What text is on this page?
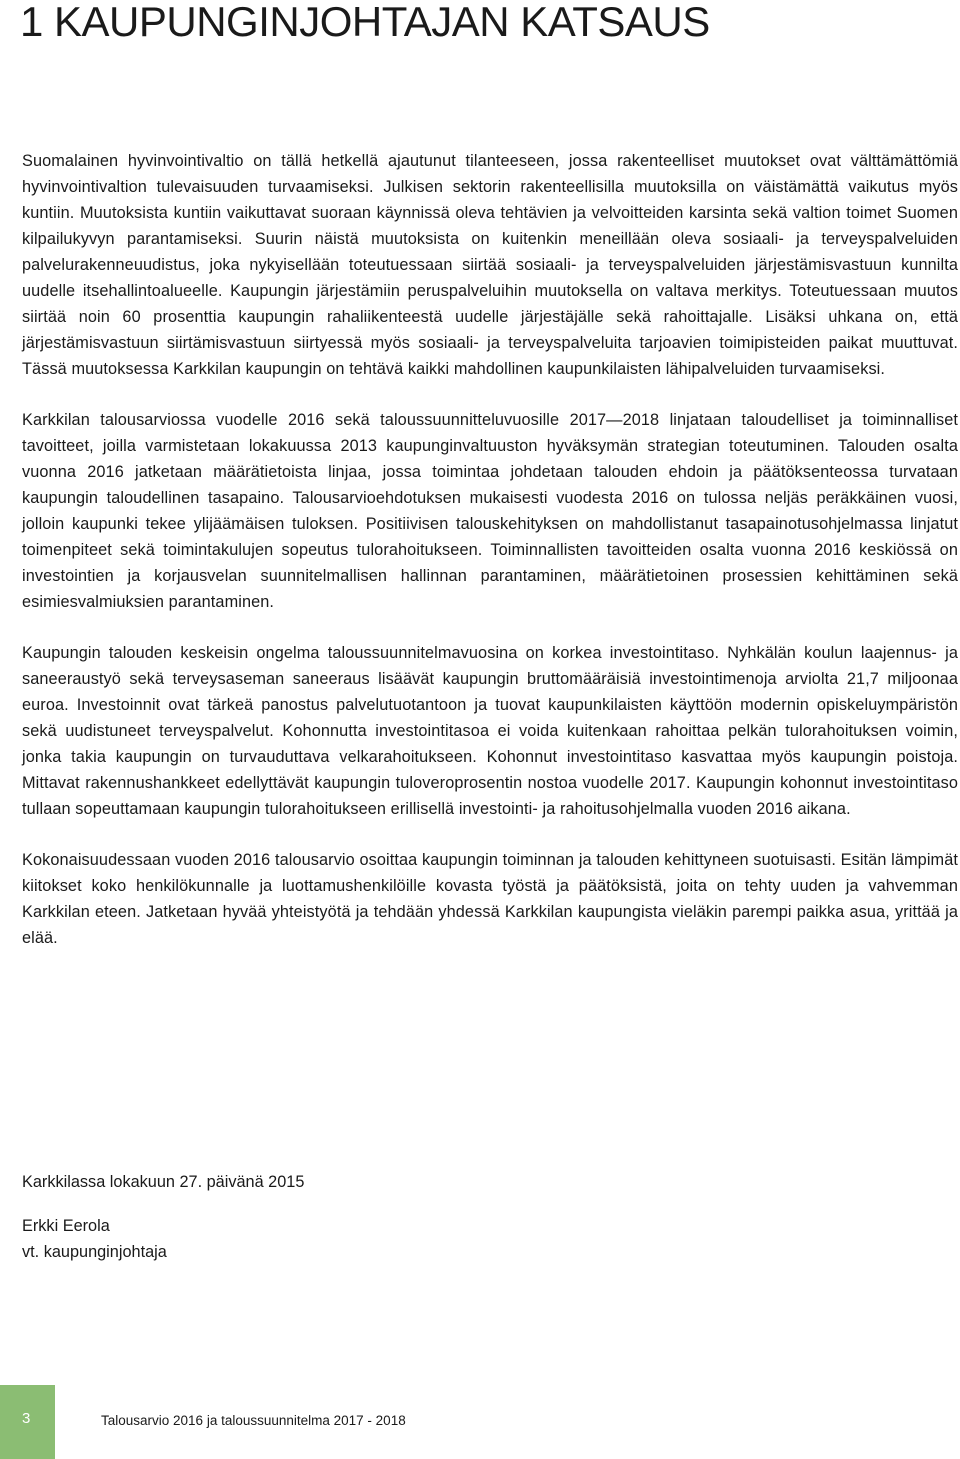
1 KAUPUNGINJOHTAJAN KATSAUS

Suomalainen hyvinvointivaltio on tällä hetkellä ajautunut tilanteeseen, jossa rakenteelliset muutokset ovat välttämättömiä hyvinvointivaltion tulevaisuuden turvaamiseksi. Julkisen sektorin rakenteellisilla muutoksilla on väistämättä vaikutus myös kuntiin. Muutoksista kuntiin vaikuttavat suoraan käynnissä oleva tehtävien ja velvoitteiden karsinta sekä valtion toimet Suomen kilpailukyvyn parantamiseksi. Suurin näistä muutoksista on kuitenkin meneillään oleva sosiaali- ja terveyspalveluiden palvelurakenneuudistus, joka nykyisellään toteutuessaan siirtää sosiaali- ja terveyspalveluiden järjestämisvastuun kunnilta uudelle itsehallintoalueelle. Kaupungin järjestämiin peruspalveluihin muutoksella on valtava merkitys. Toteutuessaan muutos siirtää noin 60 prosenttia kaupungin rahaliikenteestä uudelle järjestäjälle sekä rahoittajalle. Lisäksi uhkana on, että järjestämisvastuun siirtämisvastuun siirtyessä myös sosiaali- ja terveyspalveluita tarjoavien toimipisteiden paikat muuttuvat. Tässä muutoksessa Karkkilan kaupungin on tehtävä kaikki mahdollinen kaupunkilaisten lähipalveluiden turvaamiseksi.

Karkkilan talousarviossa vuodelle 2016 sekä taloussuunnitteluvuosille 2017—2018 linjataan taloudelliset ja toiminnalliset tavoitteet, joilla varmistetaan lokakuussa 2013 kaupunginvaltuuston hyväksymän strategian toteutuminen. Talouden osalta vuonna 2016 jatketaan määrätietoista linjaa, jossa toimintaa johdetaan talouden ehdoin ja päätöksenteossa turvataan kaupungin taloudellinen tasapaino. Talousarvioehdotuksen mukaisesti vuodesta 2016 on tulossa neljäs peräkkäinen vuosi, jolloin kaupunki tekee ylijäämäisen tuloksen. Positiivisen talouskehityksen on mahdollistanut tasapainotusohjelmassa linjatut toimenpiteet sekä toimintakulujen sopeutus tulorahoitukseen. Toiminnallisten tavoitteiden osalta vuonna 2016 keskiössä on investointien ja korjausvelan suunnitelmallisen hallinnan parantaminen, määrätietoinen prosessien kehittäminen sekä esimiesvalmiuksien parantaminen.

Kaupungin talouden keskeisin ongelma taloussuunnitelmavuosina on korkea investointitaso. Nyhkälän koulun laajennus- ja saneeraustyö sekä terveysaseman saneeraus lisäävät kaupungin bruttomääräisiä investointimenoja arviolta 21,7 miljoonaa euroa. Investoinnit ovat tärkeä panostus palvelutuotantoon ja tuovat kaupunkilaisten käyttöön modernin opiskeluympäristön sekä uudistuneet terveyspalvelut. Kohonnutta investointitasoa ei voida kuitenkaan rahoittaa pelkän tulorahoituksen voimin, jonka takia kaupungin on turvauduttava velkarahoitukseen. Kohonnut investointitaso kasvattaa myös kaupungin poistoja. Mittavat rakennushankkeet edellyttävät kaupungin tuloveroprosentin nostoa vuodelle 2017. Kaupungin kohonnut investointitaso tullaan sopeuttamaan kaupungin tulorahoitukseen erillisellä investointi- ja rahoitusohjelmalla vuoden 2016 aikana.

Kokonaisuudessaan vuoden 2016 talousarvio osoittaa kaupungin toiminnan ja talouden kehittyneen suotuisasti. Esitän lämpimät kiitokset koko henkilökunnalle ja luottamushenkilöille kovasta työstä ja päätöksistä, joita on tehty uuden ja vahvemman Karkkilan eteen. Jatketaan hyvää yhteistyötä ja tehdään yhdessä Karkkilan kaupungista vieläkin parempi paikka asua, yrittää ja elää.

Karkkilassa lokakuun 27. päivänä 2015

Erkki Eerola

vt. kaupunginjohtaja

3	Talousarvio 2016 ja taloussuunnitelma 2017 - 2018
